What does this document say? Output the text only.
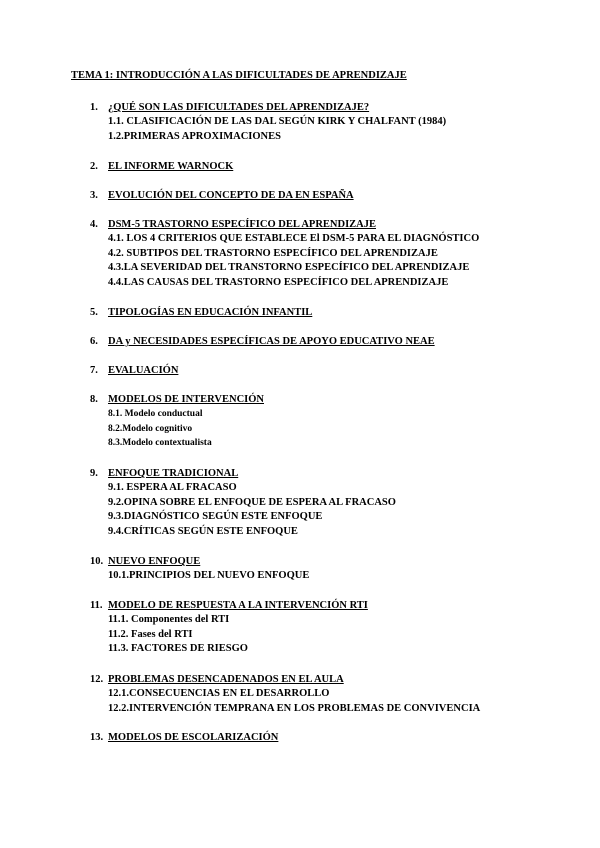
TEMA 1: INTRODUCCIÓN A LAS DIFICULTADES DE APRENDIZAJE
1. ¿QUÉ SON LAS DIFICULTADES DEL APRENDIZAJE?
1.1. CLASIFICACIÓN DE LAS DAL SEGÚN KIRK Y CHALFANT (1984)
1.2.PRIMERAS APROXIMACIONES
2. EL INFORME WARNOCK
3. EVOLUCIÓN DEL CONCEPTO DE DA EN ESPAÑA
4. DSM-5 TRASTORNO ESPECÍFICO DEL APRENDIZAJE
4.1. LOS 4 CRITERIOS QUE ESTABLECE El DSM-5 PARA EL DIAGNÓSTICO
4.2. SUBTIPOS DEL TRASTORNO ESPECÍFICO DEL APRENDIZAJE
4.3.LA SEVERIDAD DEL TRANSTORNO ESPECÍFICO DEL APRENDIZAJE
4.4.LAS CAUSAS DEL TRASTORNO ESPECÍFICO DEL APRENDIZAJE
5. TIPOLOGÍAS EN EDUCACIÓN INFANTIL
6. DA y NECESIDADES ESPECÍFICAS DE APOYO EDUCATIVO NEAE
7. EVALUACIÓN
8. MODELOS DE INTERVENCIÓN
8.1. Modelo conductual
8.2.Modelo cognitivo
8.3.Modelo contextualista
9. ENFOQUE TRADICIONAL
9.1. ESPERA AL FRACASO
9.2.OPINA SOBRE EL ENFOQUE DE ESPERA AL FRACASO
9.3.DIAGNÓSTICO SEGÚN ESTE ENFOQUE
9.4.CRÍTICAS SEGÚN ESTE ENFOQUE
10. NUEVO ENFOQUE
10.1.PRINCIPIOS DEL NUEVO ENFOQUE
11. MODELO DE RESPUESTA A LA INTERVENCIÓN RTI
11.1. Componentes del RTI
11.2. Fases del RTI
11.3. FACTORES DE RIESGO
12. PROBLEMAS DESENCADENADOS EN EL AULA
12.1.CONSECUENCIAS EN EL DESARROLLO
12.2.INTERVENCIÓN TEMPRANA EN LOS PROBLEMAS DE CONVIVENCIA
13. MODELOS DE ESCOLARIZACIÓN
